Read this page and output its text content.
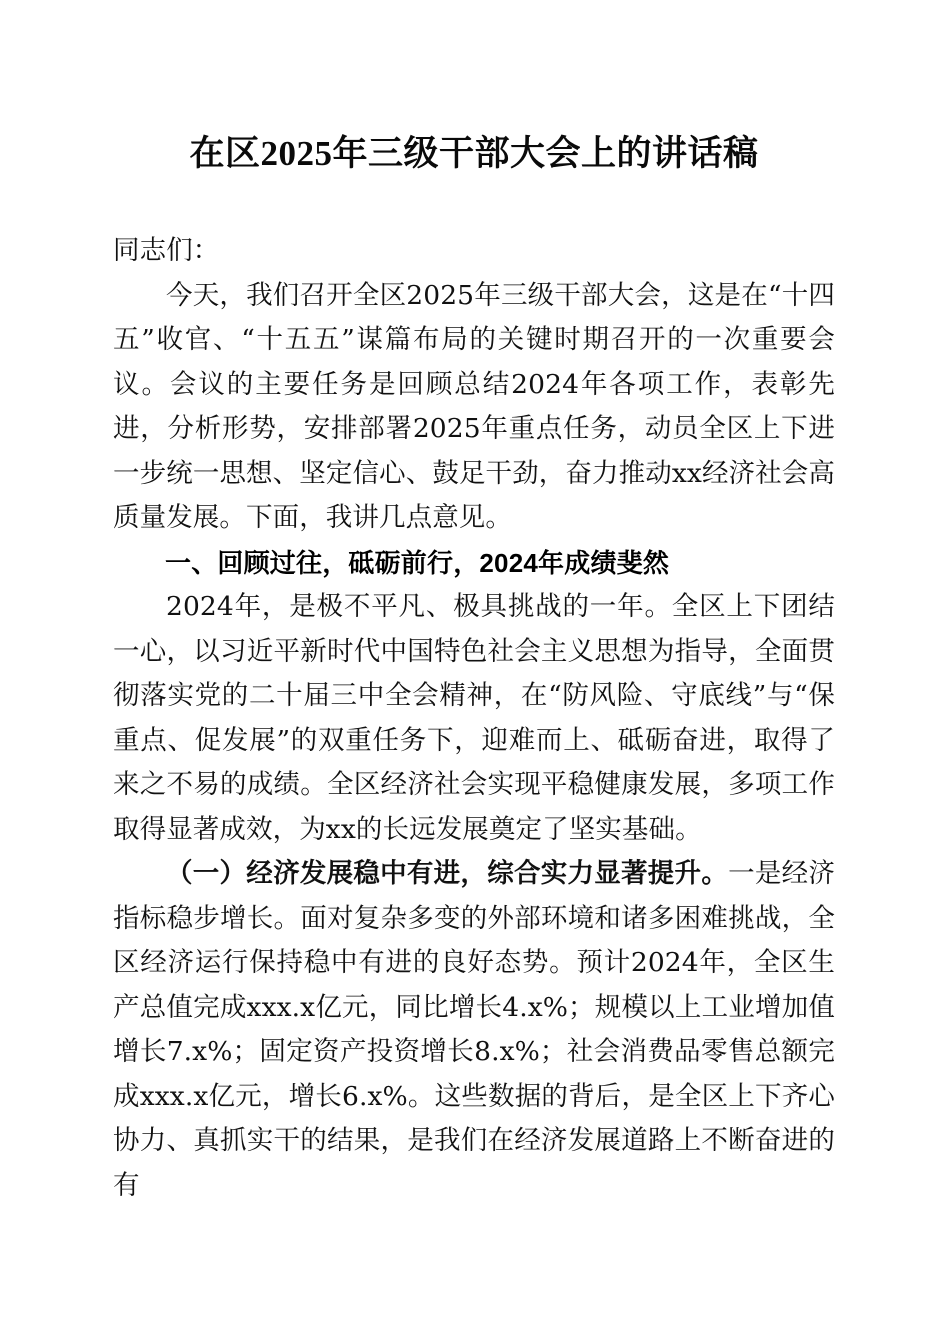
在区2025年三级干部大会上的讲话稿

同志们：

今天，我们召开全区2025年三级干部大会，这是在“十四五”收官、“十五五”谋篇布局的关键时期召开的一次重要会议。会议的主要任务是回顾总结2024年各项工作，表彰先进，分析形势，安排部署2025年重点任务，动员全区上下进一步统一思想、坚定信心、鼓足干劲，奋力推动xx经济社会高质量发展。下面，我讲几点意见。

一、回顾过往，砥砺前行，2024年成绩斐然

2024年，是极不平凡、极具挑战的一年。全区上下团结一心，以习近平新时代中国特色社会主义思想为指导，全面贯彻落实党的二十届三中全会精神，在“防风险、守底线”与“保重点、促发展”的双重任务下，迎难而上、砥砺奋进，取得了来之不易的成绩。全区经济社会实现平稳健康发展，多项工作取得显著成效，为xx的长远发展奠定了坚实基础。

（一）经济发展稳中有进，综合实力显著提升。一是经济指标稳步增长。面对复杂多变的外部环境和诸多困难挑战，全区经济运行保持稳中有进的良好态势。预计2024年，全区生产总值完成xxx.x亿元，同比增长4.x%；规模以上工业增加值增长7.x%；固定资产投资增长8.x%；社会消费品零售总额完成xxx.x亿元，增长6.x%。这些数据的背后，是全区上下齐心协力、真抓实干的结果，是我们在经济发展道路上不断奋进的有
